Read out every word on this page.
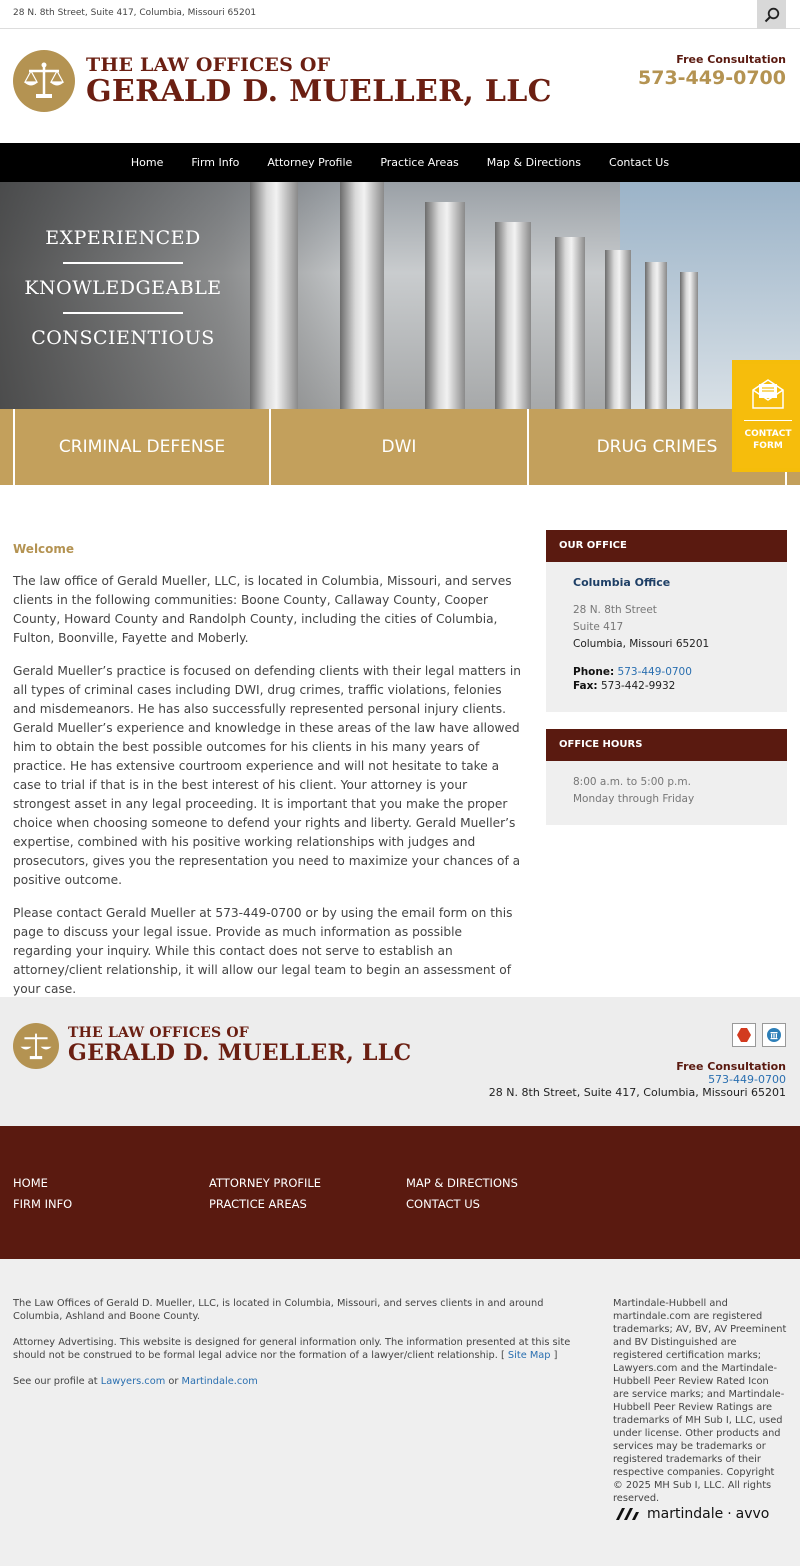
28 N. 8th Street, Suite 417, Columbia, Missouri 65201
THE LAW OFFICES OF
GERALD D. MUELLER, LLC
Free Consultation
573-449-0700
Home	Firm Info	Attorney Profile	Practice Areas	Map & Directions	Contact Us
EXPERIENCED
KNOWLEDGEABLE
CONSCIENTIOUS
CRIMINAL DEFENSE	DWI	DRUG CRIMES
CONTACT
FORM
Welcome

The law office of Gerald Mueller, LLC, is located in Columbia, Missouri, and serves clients in the following communities: Boone County, Callaway County, Cooper County, Howard County and Randolph County, including the cities of Columbia, Fulton, Boonville, Fayette and Moberly.

Gerald Mueller’s practice is focused on defending clients with their legal matters in all types of criminal cases including DWI, drug crimes, traffic violations, felonies and misdemeanors. He has also successfully represented personal injury clients. Gerald Mueller’s experience and knowledge in these areas of the law have allowed him to obtain the best possible outcomes for his clients in his many years of practice. He has extensive courtroom experience and will not hesitate to take a case to trial if that is in the best interest of his client. Your attorney is your strongest asset in any legal proceeding. It is important that you make the proper choice when choosing someone to defend your rights and liberty. Gerald Mueller’s expertise, combined with his positive working relationships with judges and prosecutors, gives you the representation you need to maximize your chances of a positive outcome.

Please contact Gerald Mueller at 573-449-0700 or by using the email form on this page to discuss your legal issue. Provide as much information as possible regarding your inquiry. While this contact does not serve to establish an attorney/client relationship, it will allow our legal team to begin an assessment of your case.

OUR OFFICE
Columbia Office
28 N. 8th Street
Suite 417
Columbia, Missouri 65201
Phone: 573-449-0700
Fax: 573-442-9932
OFFICE HOURS
8:00 a.m. to 5:00 p.m.
Monday through Friday
THE LAW OFFICES OF
GERALD D. MUELLER, LLC
Free Consultation
573-449-0700
28 N. 8th Street, Suite 417, Columbia, Missouri 65201
HOME
FIRM INFO
ATTORNEY PROFILE
PRACTICE AREAS
MAP & DIRECTIONS
CONTACT US

The Law Offices of Gerald D. Mueller, LLC, is located in Columbia, Missouri, and serves clients in and around Columbia, Ashland and Boone County.

Attorney Advertising. This website is designed for general information only. The information presented at this site should not be construed to be formal legal advice nor the formation of a lawyer/client relationship. [ Site Map ]

See our profile at Lawyers.com or Martindale.com

Martindale-Hubbell and martindale.com are registered trademarks; AV, BV, AV Preeminent and BV Distinguished are registered certification marks; Lawyers.com and the Martindale-Hubbell Peer Review Rated Icon are service marks; and Martindale-Hubbell Peer Review Ratings are trademarks of MH Sub I, LLC, used under license. Other products and services may be trademarks or registered trademarks of their respective companies. Copyright © 2025 MH Sub I, LLC. All rights reserved.
martindale · avvo
